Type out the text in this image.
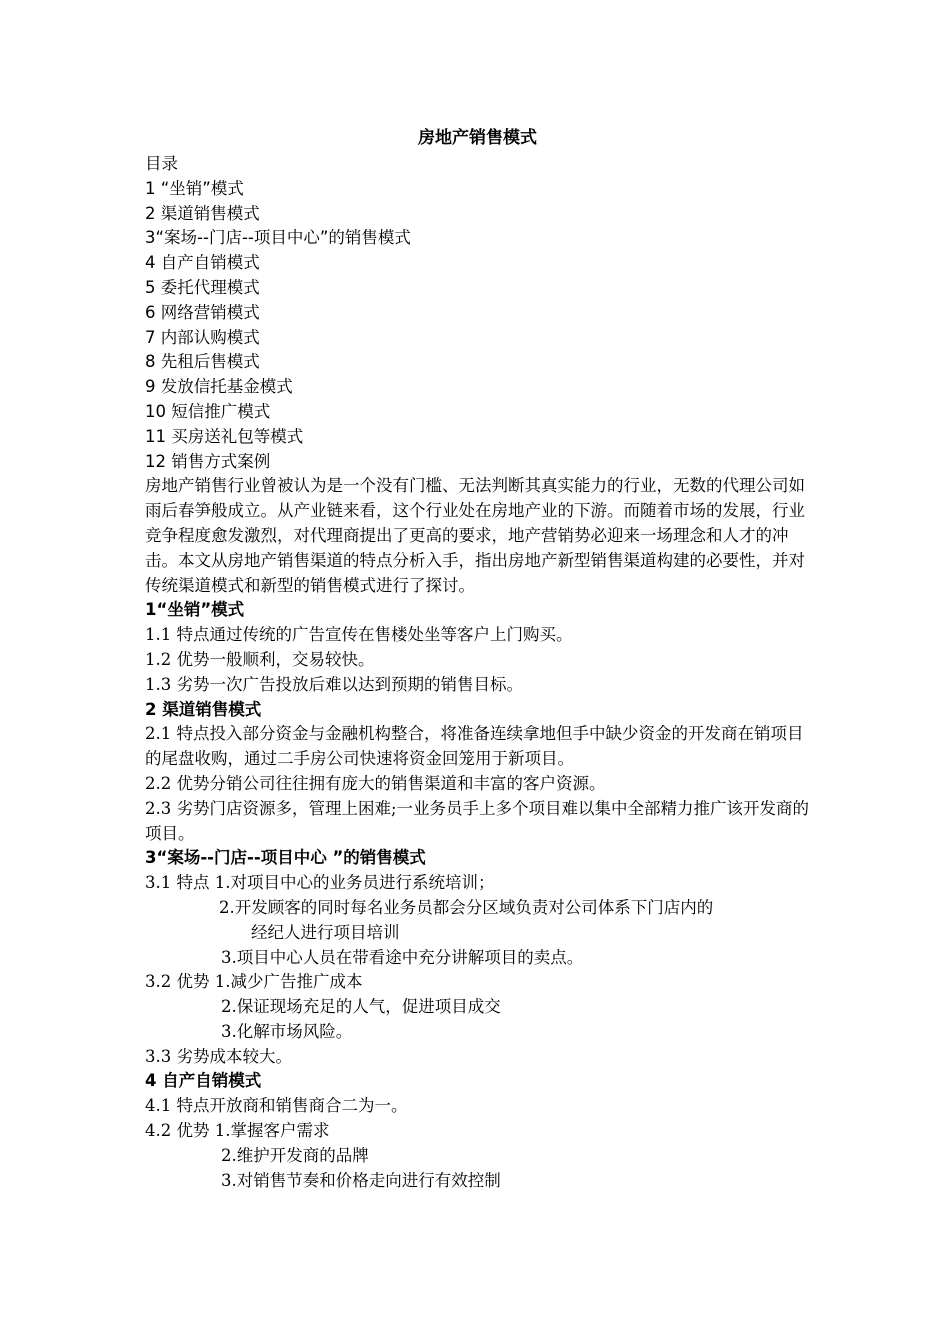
房地产销售模式
目录
1 “坐销”模式
2 渠道销售模式
3“案场--门店--项目中心”的销售模式
4 自产自销模式
5 委托代理模式
6 网络营销模式
7 内部认购模式
8 先租后售模式
9 发放信托基金模式
10 短信推广模式
11 买房送礼包等模式
12 销售方式案例
房地产销售行业曾被认为是一个没有门槛、无法判断其真实能力的行业，无数的代理公司如雨后春笋般成立。从产业链来看，这个行业处在房地产业的下游。而随着市场的发展，行业竞争程度愈发激烈，对代理商提出了更高的要求，地产营销势必迎来一场理念和人才的冲击。本文从房地产销售渠道的特点分析入手，指出房地产新型销售渠道构建的必要性，并对传统渠道模式和新型的销售模式进行了探讨。
1“坐销”模式
1.1 特点通过传统的广告宣传在售楼处坐等客户上门购买。
1.2 优势一般顺利，交易较快。
1.3 劣势一次广告投放后难以达到预期的销售目标。
2 渠道销售模式
2.1 特点投入部分资金与金融机构整合，将准备连续拿地但手中缺少资金的开发商在销项目的尾盘收购，通过二手房公司快速将资金回笼用于新项目。
2.2 优势分销公司往往拥有庞大的销售渠道和丰富的客户资源。
2.3 劣势门店资源多，管理上困难;一业务员手上多个项目难以集中全部精力推广该开发商的项目。
3“案场--门店--项目中心 ”的销售模式
3.1 特点 1.对项目中心的业务员进行系统培训；
2.开发顾客的同时每名业务员都会分区域负责对公司体系下门店内的
经纪人进行项目培训
3.项目中心人员在带看途中充分讲解项目的卖点。
3.2 优势 1.减少广告推广成本
2.保证现场充足的人气，促进项目成交
3.化解市场风险。
3.3 劣势成本较大。
4 自产自销模式
4.1 特点开放商和销售商合二为一。
4.2 优势 1.掌握客户需求
2.维护开发商的品牌
3.对销售节奏和价格走向进行有效控制
